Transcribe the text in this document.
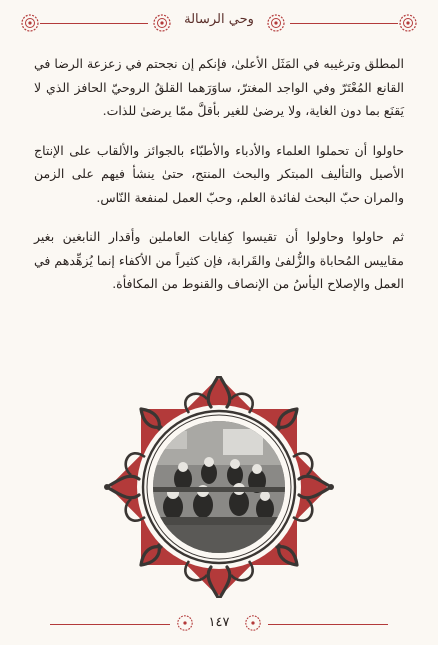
وحي الرسالة

المطلق وترغيبه في المَثَل الأعلىٰ، فإنكم إن نجحتم في زعزعة الرضا في القانع المُعْتَرّ وفي الواجد المغترّ، ساوَرَهما القلقُ الروحيّ الحافز الذي لا يَقنَع بما دون الغاية، ولا يرضىٰ للغير بأقلَّ ممّا يرضىٰ للذات.

حاولوا أن تحملوا العلماء والأدباء والأطبّاء بالجوائز والألقاب على الإنتاج الأصيل والتأليف المبتكر والبحث المنتج، حتىٰ ينشأ فيهم على الزمن والمران حبّ البحث لفائدة العلم، وحبّ العمل لمنفعة النّاس.

ثم حاولوا وحاولوا أن تقيسوا كِفايات العاملين وأقدار النابغين بغير مقاييس المُحاباة والزُّلفىٰ والقَرابة، فإن كثيراً من الأكفاء إنما يُزهِّدهم في العمل والإصلاح اليأسُ من الإنصاف والقنوط من المكافأة.

١٤٧
